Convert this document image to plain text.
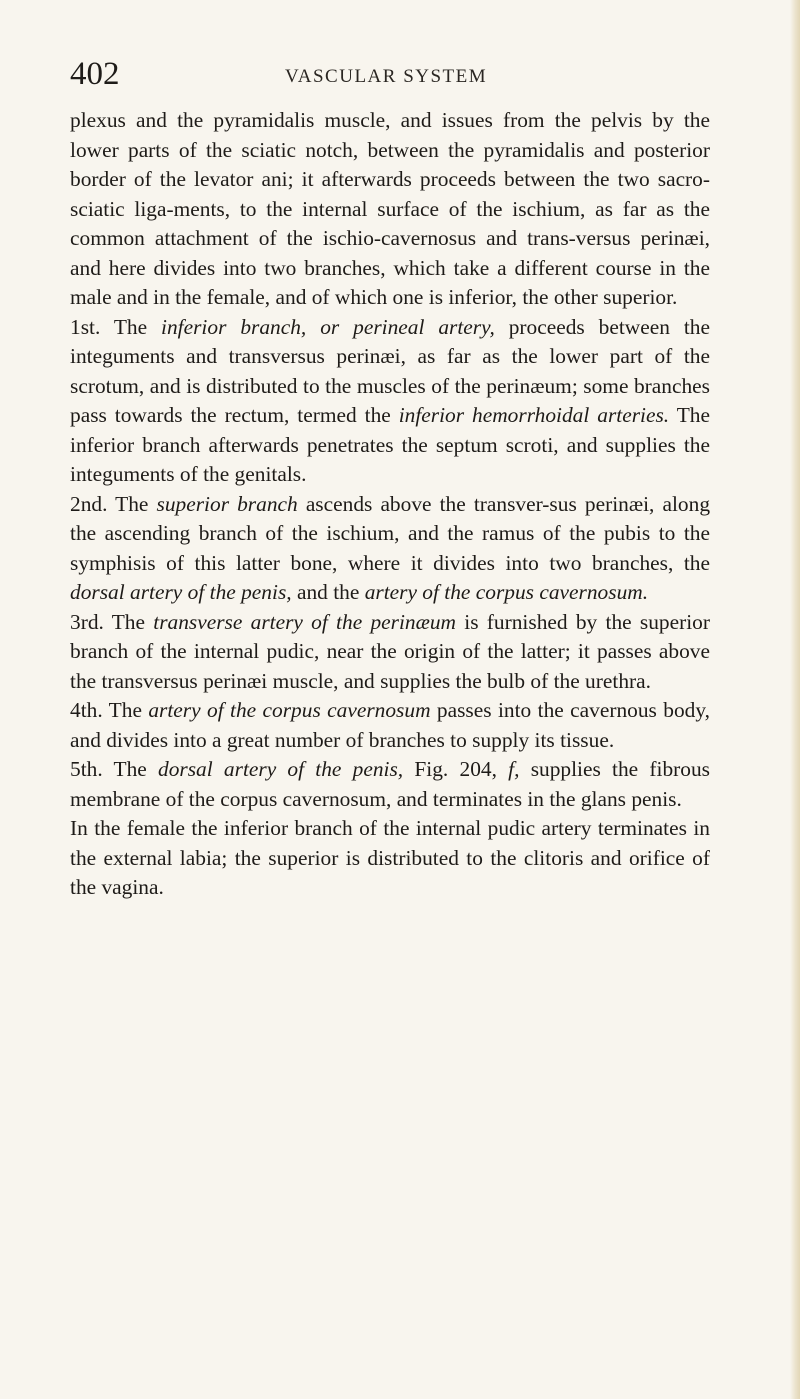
402	VASCULAR SYSTEM

plexus and the pyramidalis muscle, and issues from the pelvis by the lower parts of the sciatic notch, between the pyramidalis and posterior border of the levator ani; it afterwards proceeds between the two sacro-sciatic liga-ments, to the internal surface of the ischium, as far as the common attachment of the ischio-cavernosus and trans-versus perinæi, and here divides into two branches, which take a different course in the male and in the female, and of which one is inferior, the other superior.

1st. The inferior branch, or perineal artery, proceeds between the integuments and transversus perinæi, as far as the lower part of the scrotum, and is distributed to the muscles of the perinæum; some branches pass towards the rectum, termed the inferior hemorrhoidal arteries. The inferior branch afterwards penetrates the septum scroti, and supplies the integuments of the genitals.

2nd. The superior branch ascends above the transver-sus perinæi, along the ascending branch of the ischium, and the ramus of the pubis to the symphisis of this latter bone, where it divides into two branches, the dorsal artery of the penis, and the artery of the corpus cavernosum.

3rd. The transverse artery of the perinæum is furnished by the superior branch of the internal pudic, near the origin of the latter; it passes above the transversus perinæi muscle, and supplies the bulb of the urethra.

4th. The artery of the corpus cavernosum passes into the cavernous body, and divides into a great number of branches to supply its tissue.

5th. The dorsal artery of the penis, Fig. 204, f, supplies the fibrous membrane of the corpus cavernosum, and terminates in the glans penis.

In the female the inferior branch of the internal pudic artery terminates in the external labia; the superior is distributed to the clitoris and orifice of the vagina.
